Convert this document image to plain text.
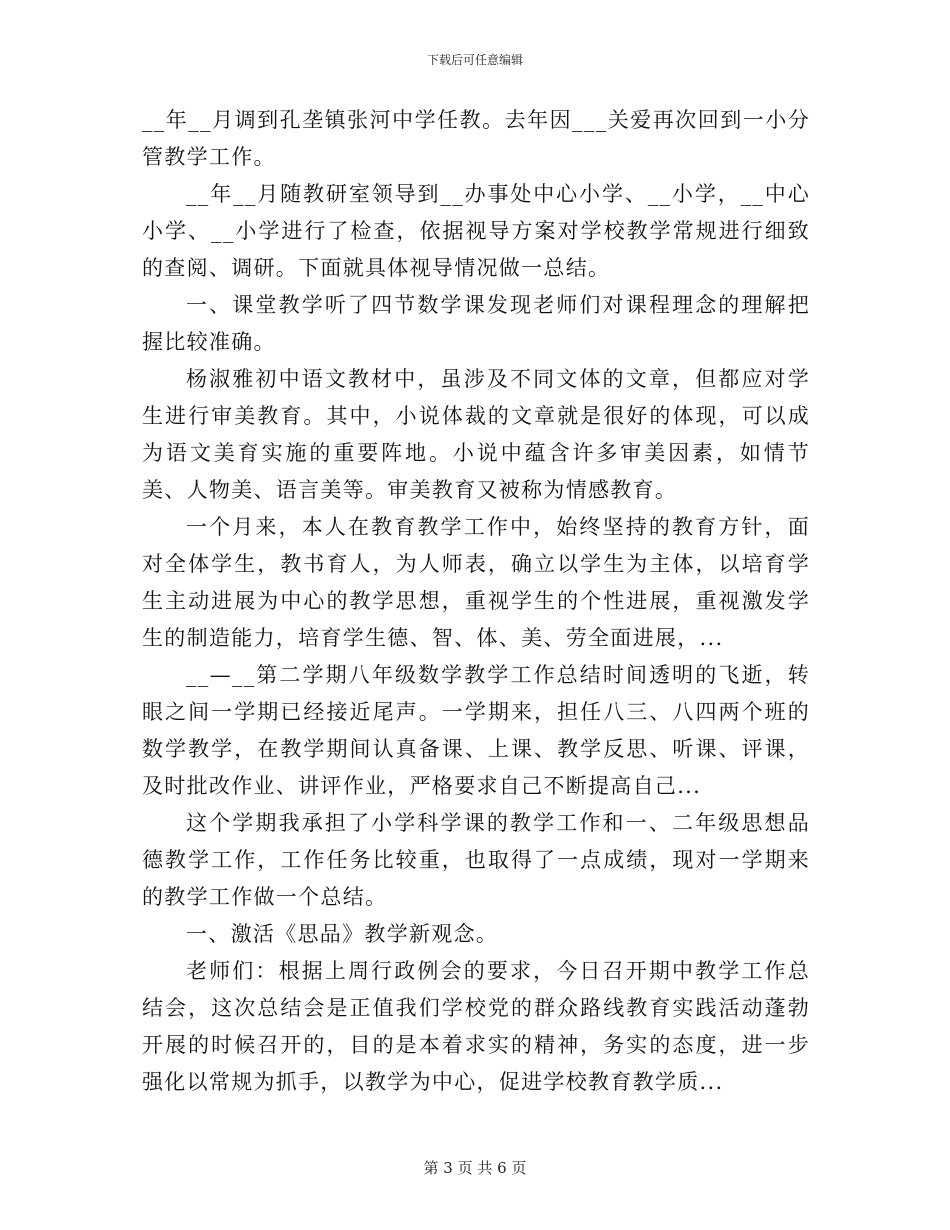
下载后可任意编辑

__年__月调到孔垄镇张河中学任教。去年因___关爱再次回到一小分管教学工作。

__年__月随教研室领导到__办事处中心小学、__小学，__中心小学、__小学进行了检查，依据视导方案对学校教学常规进行细致的查阅、调研。下面就具体视导情况做一总结。

一、课堂教学听了四节数学课发现老师们对课程理念的理解把握比较准确。

杨淑雅初中语文教材中，虽涉及不同文体的文章，但都应对学生进行审美教育。其中，小说体裁的文章就是很好的体现，可以成为语文美育实施的重要阵地。小说中蕴含许多审美因素，如情节美、人物美、语言美等。审美教育又被称为情感教育。

一个月来，本人在教育教学工作中，始终坚持的教育方针，面对全体学生，教书育人，为人师表，确立以学生为主体，以培育学生主动进展为中心的教学思想，重视学生的个性进展，重视激发学生的制造能力，培育学生德、智、体、美、劳全面进展，...

__—__第二学期八年级数学教学工作总结时间透明的飞逝，转眼之间一学期已经接近尾声。一学期来，担任八三、八四两个班的数学教学，在教学期间认真备课、上课、教学反思、听课、评课，及时批改作业、讲评作业，严格要求自己不断提高自己...

这个学期我承担了小学科学课的教学工作和一、二年级思想品德教学工作，工作任务比较重，也取得了一点成绩，现对一学期来的教学工作做一个总结。

一、激活《思品》教学新观念。

老师们：根据上周行政例会的要求，今日召开期中教学工作总结会，这次总结会是正值我们学校党的群众路线教育实践活动蓬勃开展的时候召开的，目的是本着求实的精神，务实的态度，进一步强化以常规为抓手，以教学为中心，促进学校教育教学质...

第 3 页 共 6 页
